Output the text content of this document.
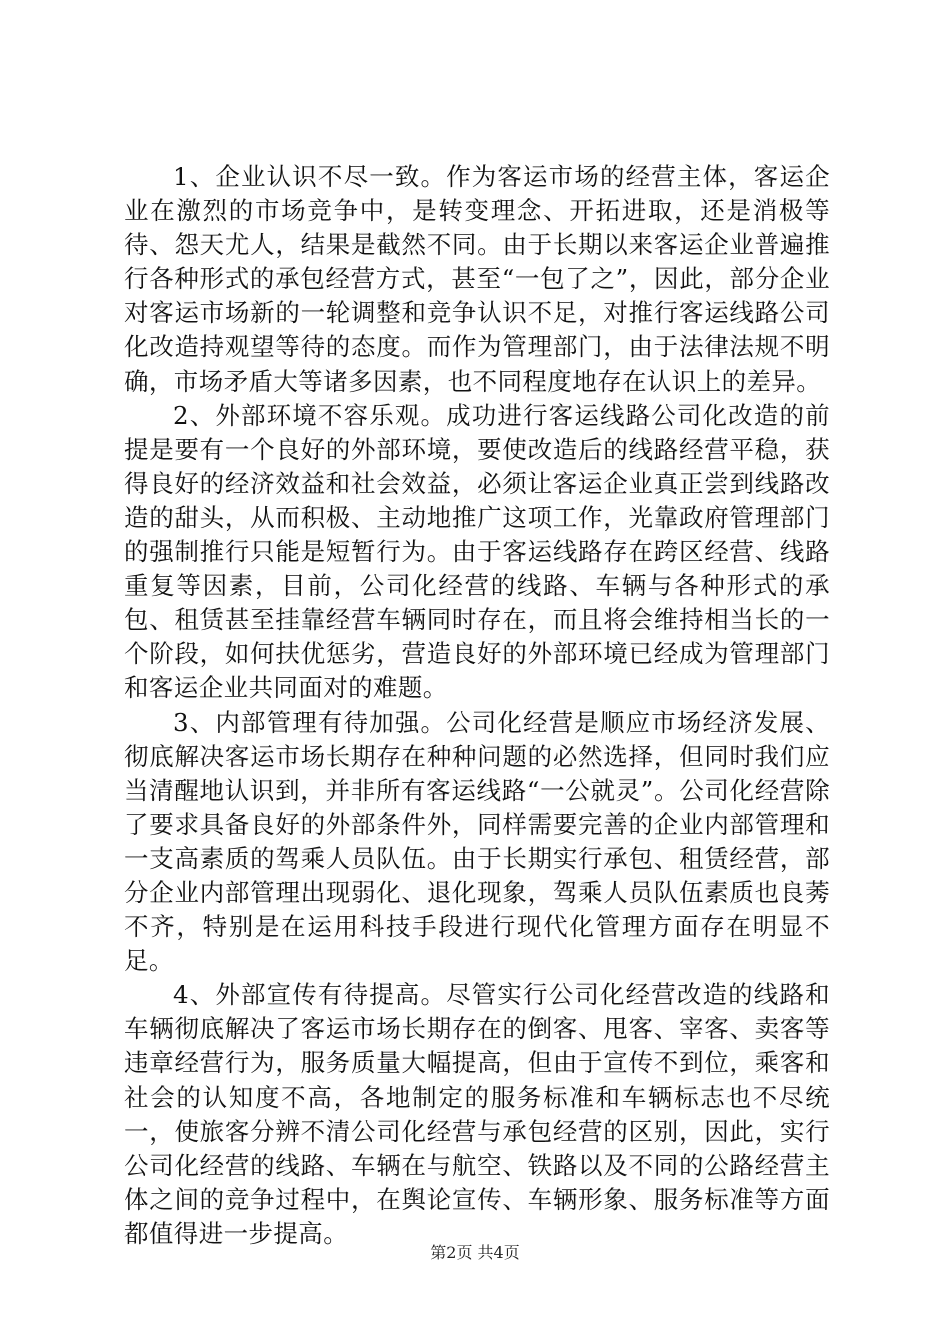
1、企业认识不尽一致。作为客运市场的经营主体，客运企业在激烈的市场竞争中，是转变理念、开拓进取，还是消极等待、怨天尤人，结果是截然不同。由于长期以来客运企业普遍推行各种形式的承包经营方式，甚至“一包了之”，因此，部分企业对客运市场新的一轮调整和竞争认识不足，对推行客运线路公司化改造持观望等待的态度。而作为管理部门，由于法律法规不明确，市场矛盾大等诸多因素，也不同程度地存在认识上的差异。

2、外部环境不容乐观。成功进行客运线路公司化改造的前提是要有一个良好的外部环境，要使改造后的线路经营平稳，获得良好的经济效益和社会效益，必须让客运企业真正尝到线路改造的甜头，从而积极、主动地推广这项工作，光靠政府管理部门的强制推行只能是短暂行为。由于客运线路存在跨区经营、线路重复等因素，目前，公司化经营的线路、车辆与各种形式的承包、租赁甚至挂靠经营车辆同时存在，而且将会维持相当长的一个阶段，如何扶优惩劣，营造良好的外部环境已经成为管理部门和客运企业共同面对的难题。

3、内部管理有待加强。公司化经营是顺应市场经济发展、彻底解决客运市场长期存在种种问题的必然选择，但同时我们应当清醒地认识到，并非所有客运线路“一公就灵”。公司化经营除了要求具备良好的外部条件外，同样需要完善的企业内部管理和一支高素质的驾乘人员队伍。由于长期实行承包、租赁经营，部分企业内部管理出现弱化、退化现象，驾乘人员队伍素质也良莠不齐，特别是在运用科技手段进行现代化管理方面存在明显不足。

4、外部宣传有待提高。尽管实行公司化经营改造的线路和车辆彻底解决了客运市场长期存在的倒客、甩客、宰客、卖客等违章经营行为，服务质量大幅提高，但由于宣传不到位，乘客和社会的认知度不高，各地制定的服务标准和车辆标志也不尽统一，使旅客分辨不清公司化经营与承包经营的区别，因此，实行公司化经营的线路、车辆在与航空、铁路以及不同的公路经营主体之间的竞争过程中，在舆论宣传、车辆形象、服务标准等方面都值得进一步提高。

第2页 共4页
